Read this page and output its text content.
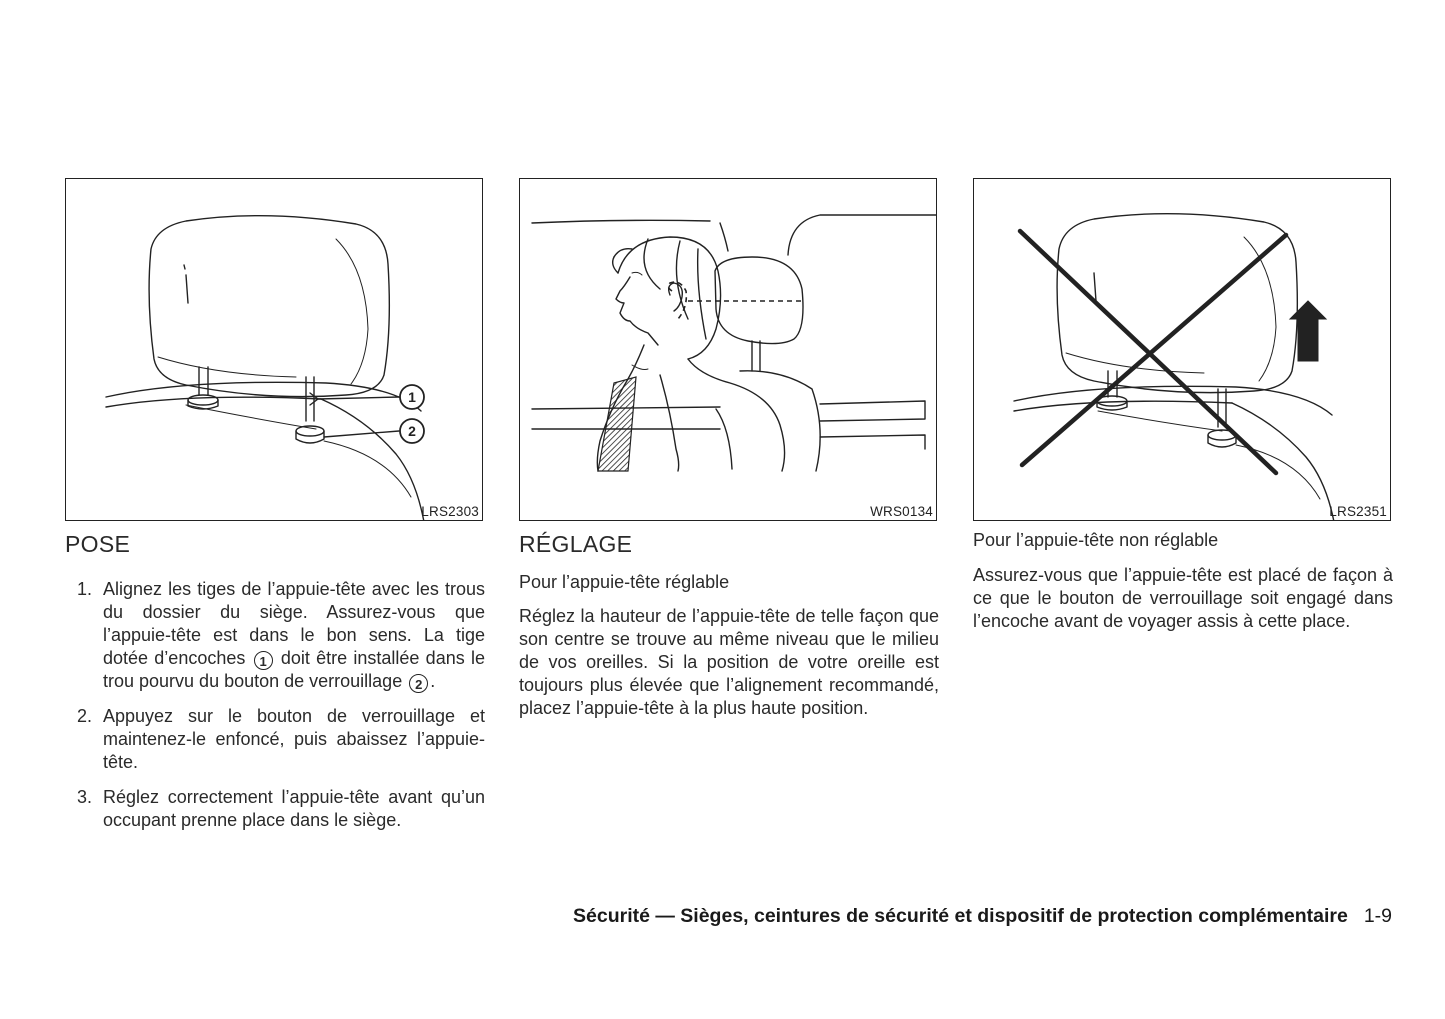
1
2
LRS2303
POSE
1. Alignez les tiges de l’appuie-tête avec les trous du dossier du siège. Assurez-vous que l’appuie-tête est dans le bon sens. La tige dotée d’encoches 1 doit être installée dans le trou pourvu du bouton de verrouillage 2 .
2. Appuyez sur le bouton de verrouillage et maintenez-le enfoncé, puis abaissez l’appuie-tête.
3. Réglez correctement l’appuie-tête avant qu’un occupant prenne place dans le siège.
WRS0134
RÉGLAGE

Pour l’appuie-tête réglable

Réglez la hauteur de l’appuie-tête de telle façon que son centre se trouve au même niveau que le milieu de vos oreilles. Si la position de votre oreille est toujours plus élevée que l’alignement recommandé, placez l’appuie-tête à la plus haute position.

LRS2351

Pour l’appuie-tête non réglable

Assurez-vous que l’appuie-tête est placé de façon à ce que le bouton de verrouillage soit engagé dans l’encoche avant de voyager assis à cette place.

Sécurité — Sièges, ceintures de sécurité et dispositif de protection complémentaire 1-9
